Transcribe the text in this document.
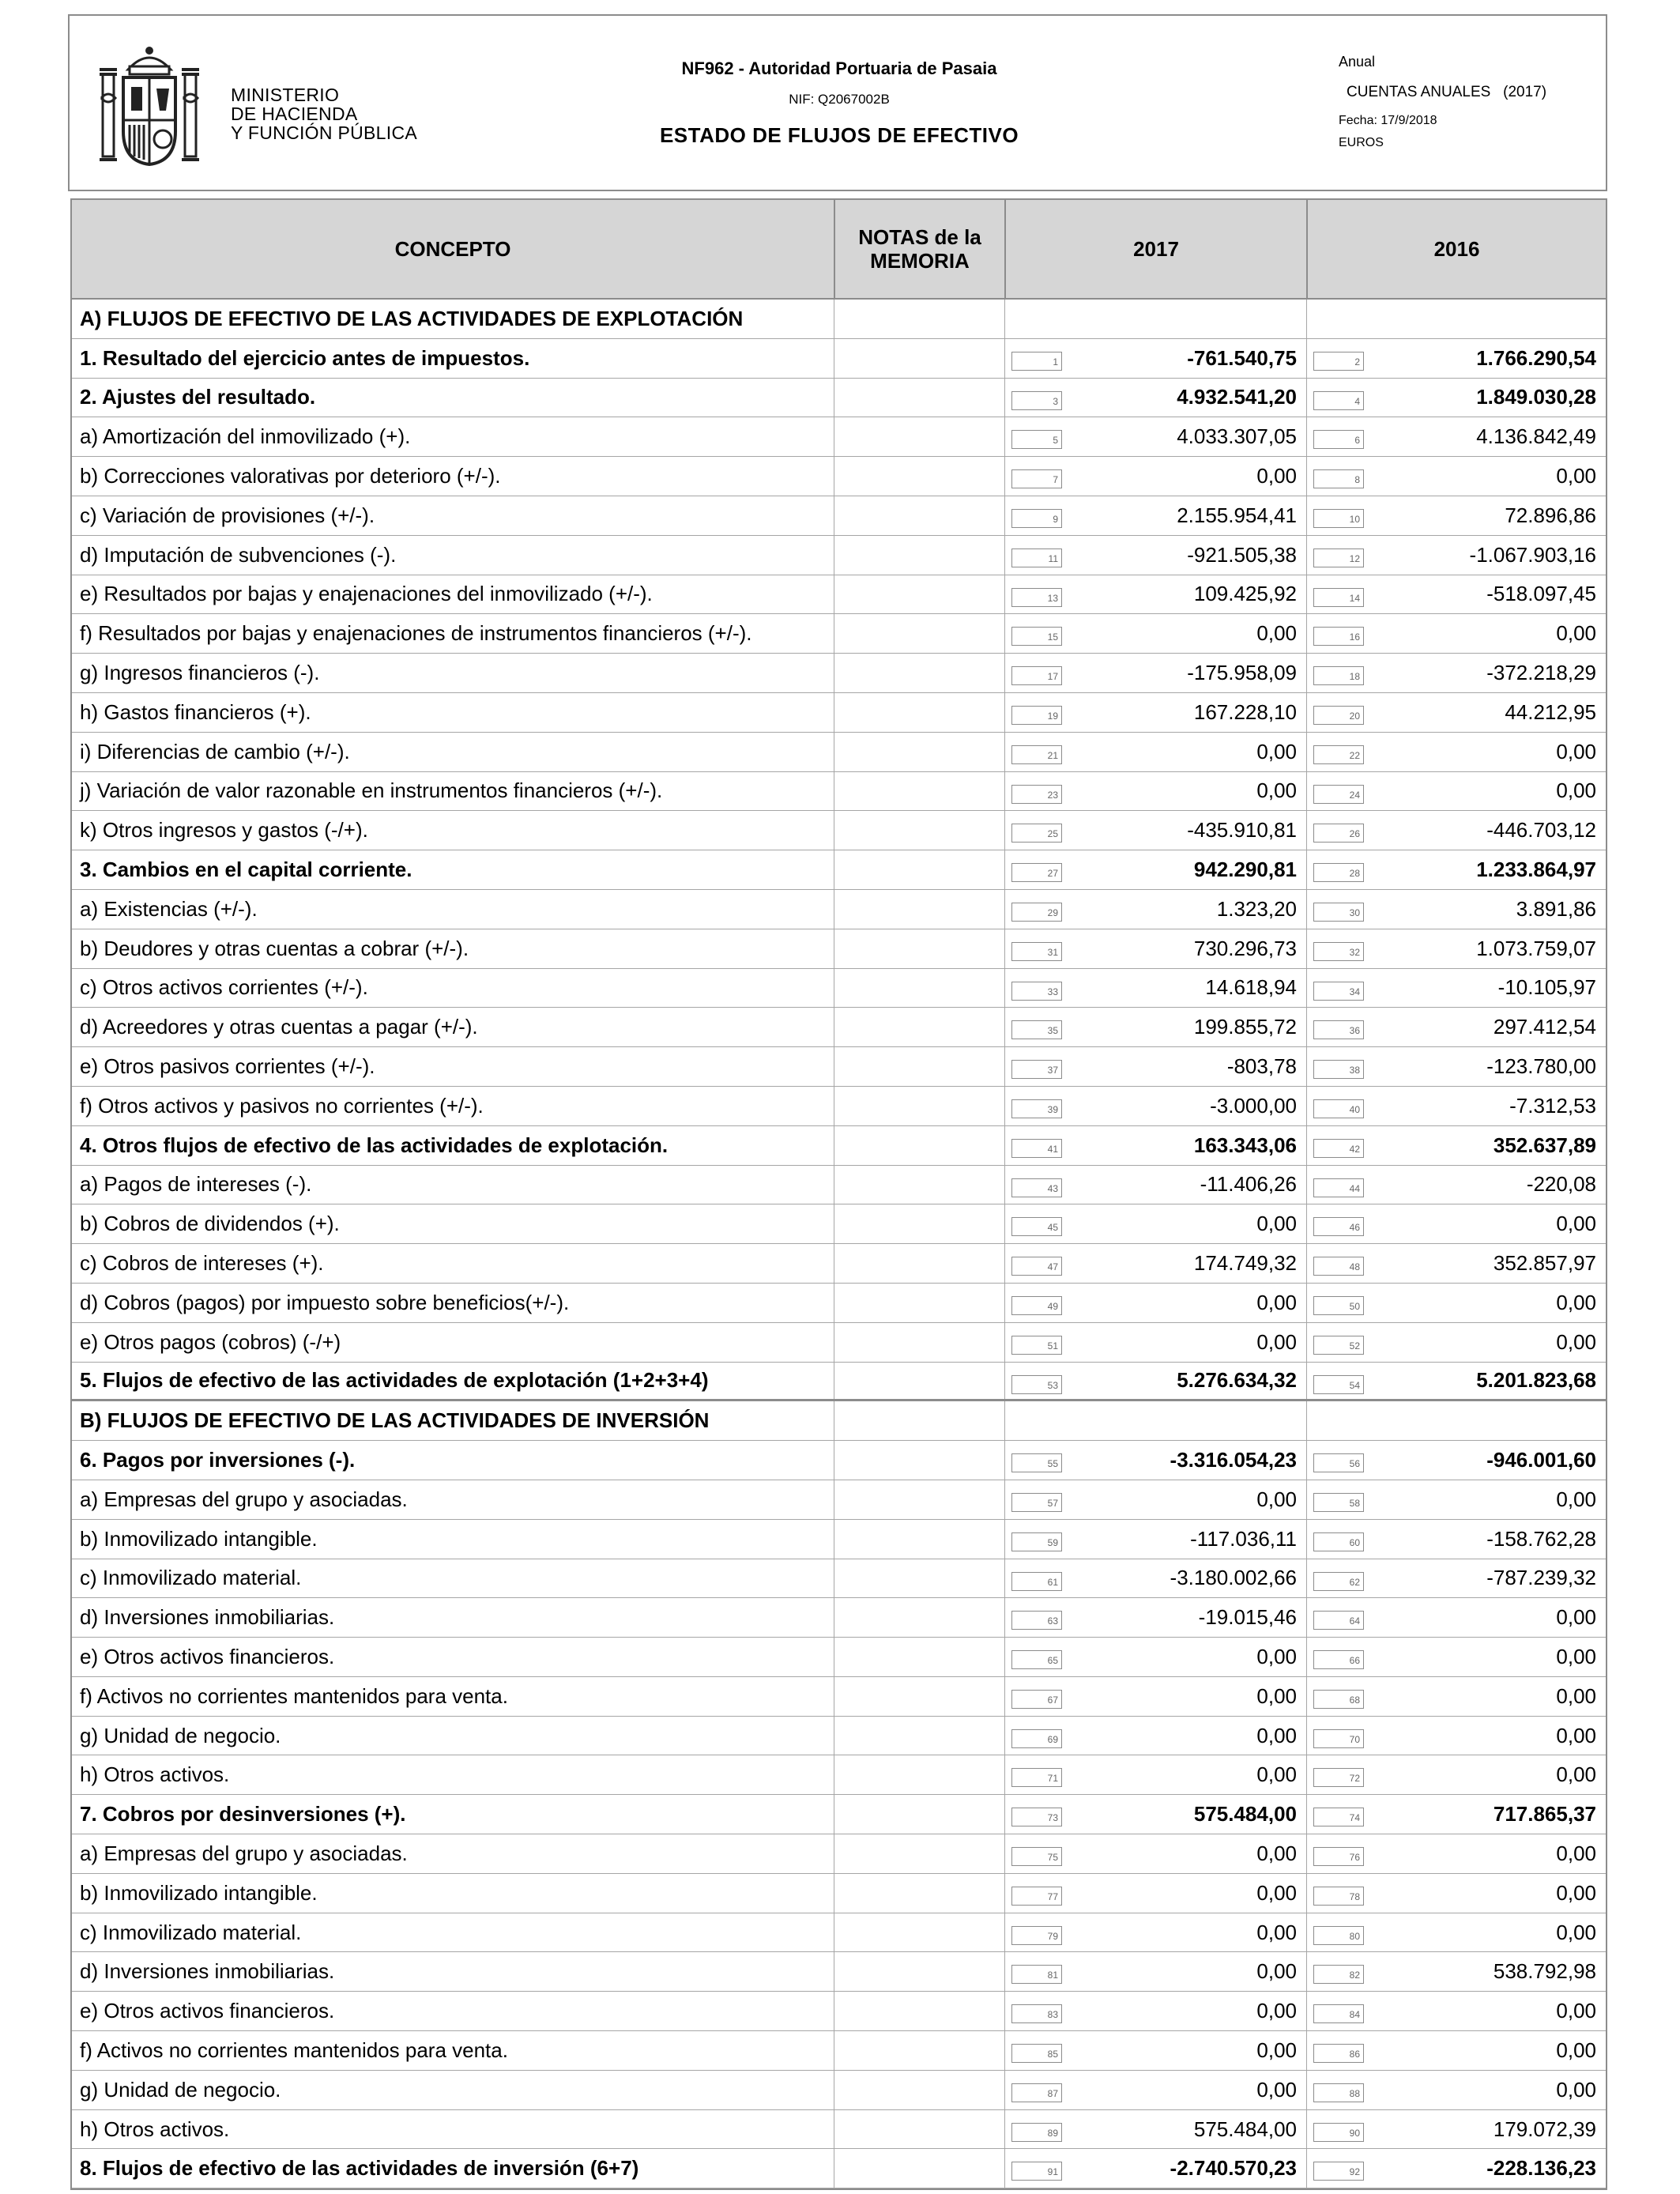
MINISTERIO
DE HACIENDA
Y FUNCIÓN PÚBLICA
NF962 - Autoridad Portuaria de Pasaia
NIF: Q2067002B
ESTADO DE FLUJOS DE EFECTIVO
Anual
CUENTAS ANUALES   (2017)
Fecha: 17/9/2018
EUROS
CONCEPTO	NOTAS de la MEMORIA	2017	2016
A) FLUJOS DE EFECTIVO DE LAS ACTIVIDADES DE EXPLOTACIÓN
1. Resultado del ejercicio antes de impuestos.	1	-761.540,75	2	1.766.290,54
2. Ajustes del resultado.	3	4.932.541,20	4	1.849.030,28
a) Amortización del inmovilizado (+).	5	4.033.307,05	6	4.136.842,49
b) Correcciones valorativas por deterioro (+/-).	7	0,00	8	0,00
c) Variación de provisiones (+/-).	9	2.155.954,41	10	72.896,86
d) Imputación de subvenciones (-).	11	-921.505,38	12	-1.067.903,16
e) Resultados por bajas y enajenaciones del inmovilizado (+/-).	13	109.425,92	14	-518.097,45
f) Resultados por bajas y enajenaciones de instrumentos financieros (+/-).	15	0,00	16	0,00
g) Ingresos financieros (-).	17	-175.958,09	18	-372.218,29
h) Gastos financieros (+).	19	167.228,10	20	44.212,95
i) Diferencias de cambio (+/-).	21	0,00	22	0,00
j) Variación de valor razonable en instrumentos financieros (+/-).	23	0,00	24	0,00
k) Otros ingresos y gastos (-/+).	25	-435.910,81	26	-446.703,12
3. Cambios en el capital corriente.	27	942.290,81	28	1.233.864,97
a) Existencias (+/-).	29	1.323,20	30	3.891,86
b) Deudores y otras cuentas a cobrar (+/-).	31	730.296,73	32	1.073.759,07
c) Otros activos corrientes (+/-).	33	14.618,94	34	-10.105,97
d) Acreedores y otras cuentas a pagar (+/-).	35	199.855,72	36	297.412,54
e) Otros pasivos corrientes (+/-).	37	-803,78	38	-123.780,00
f) Otros activos y pasivos no corrientes (+/-).	39	-3.000,00	40	-7.312,53
4. Otros flujos de efectivo de las actividades de explotación.	41	163.343,06	42	352.637,89
a) Pagos de intereses (-).	43	-11.406,26	44	-220,08
b) Cobros de dividendos (+).	45	0,00	46	0,00
c) Cobros de intereses (+).	47	174.749,32	48	352.857,97
d) Cobros (pagos) por impuesto sobre beneficios(+/-).	49	0,00	50	0,00
e) Otros pagos (cobros) (-/+)	51	0,00	52	0,00
5. Flujos de efectivo de las actividades de explotación (1+2+3+4)	53	5.276.634,32	54	5.201.823,68
B) FLUJOS DE EFECTIVO DE LAS ACTIVIDADES DE INVERSIÓN
6. Pagos por inversiones (-).	55	-3.316.054,23	56	-946.001,60
a) Empresas del grupo y asociadas.	57	0,00	58	0,00
b) Inmovilizado intangible.	59	-117.036,11	60	-158.762,28
c) Inmovilizado material.	61	-3.180.002,66	62	-787.239,32
d) Inversiones inmobiliarias.	63	-19.015,46	64	0,00
e) Otros activos financieros.	65	0,00	66	0,00
f) Activos no corrientes mantenidos para venta.	67	0,00	68	0,00
g) Unidad de negocio.	69	0,00	70	0,00
h) Otros activos.	71	0,00	72	0,00
7. Cobros por desinversiones (+).	73	575.484,00	74	717.865,37
a) Empresas del grupo y asociadas.	75	0,00	76	0,00
b) Inmovilizado intangible.	77	0,00	78	0,00
c) Inmovilizado material.	79	0,00	80	0,00
d) Inversiones inmobiliarias.	81	0,00	82	538.792,98
e) Otros activos financieros.	83	0,00	84	0,00
f) Activos no corrientes mantenidos para venta.	85	0,00	86	0,00
g) Unidad de negocio.	87	0,00	88	0,00
h) Otros activos.	89	575.484,00	90	179.072,39
8. Flujos de efectivo de las actividades de inversión (6+7)	91	-2.740.570,23	92	-228.136,23
